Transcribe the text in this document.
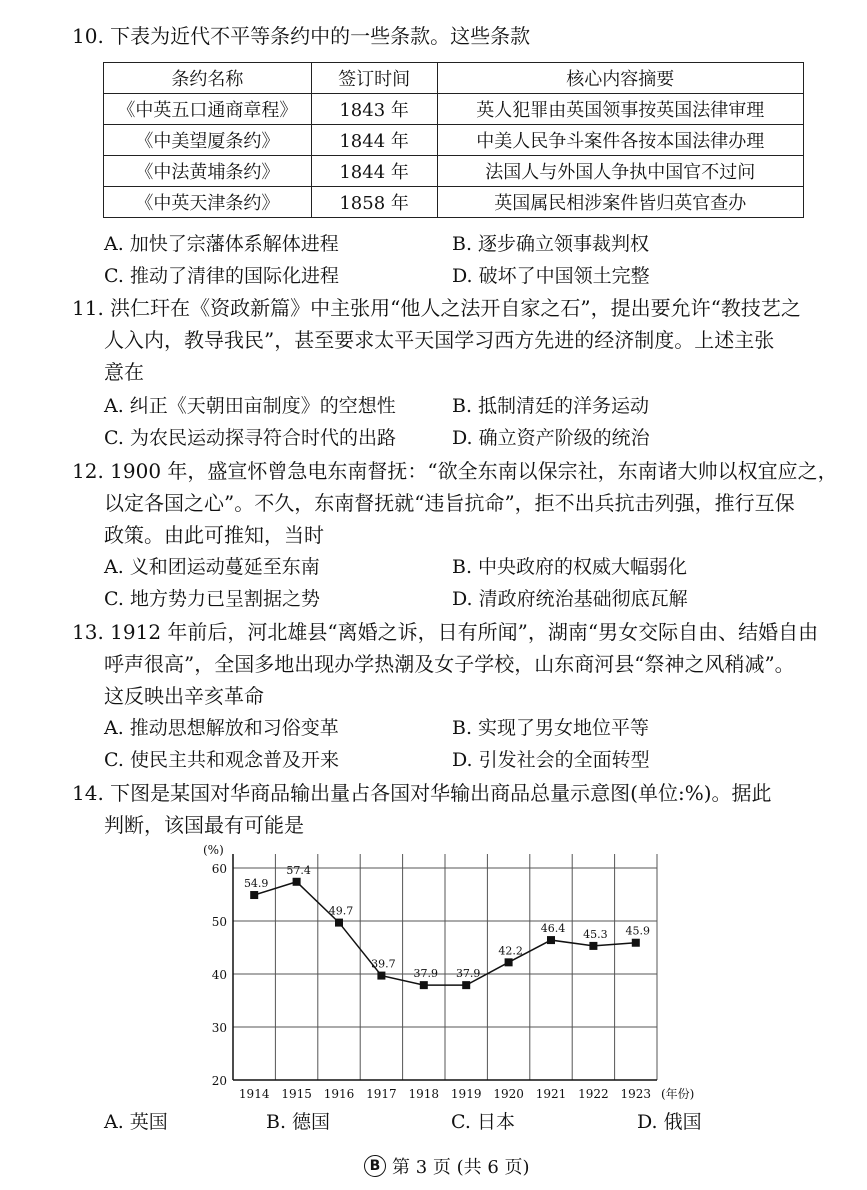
10. 下表为近代不平等条约中的一些条款。这些条款
条约名称	签订时间	核心内容摘要
《中英五口通商章程》	1843 年	英人犯罪由英国领事按英国法律审理
《中美望厦条约》	1844 年	中美人民争斗案件各按本国法律办理
《中法黄埔条约》	1844 年	法国人与外国人争执中国官不过问
《中英天津条约》	1858 年	英国属民相涉案件皆归英官查办
A. 加快了宗藩体系解体进程	B. 逐步确立领事裁判权
C. 推动了清律的国际化进程	D. 破坏了中国领土完整
11. 洪仁玕在《资政新篇》中主张用“他人之法开自家之石”，提出要允许“教技艺之
人入内，教导我民”，甚至要求太平天国学习西方先进的经济制度。上述主张
意在
A. 纠正《天朝田亩制度》的空想性	B. 抵制清廷的洋务运动
C. 为农民运动探寻符合时代的出路	D. 确立资产阶级的统治
12. 1900 年，盛宣怀曾急电东南督抚：“欲全东南以保宗社，东南诸大帅以权宜应之，
以定各国之心”。不久，东南督抚就“违旨抗命”，拒不出兵抗击列强，推行互保
政策。由此可推知，当时
A. 义和团运动蔓延至东南	B. 中央政府的权威大幅弱化
C. 地方势力已呈割据之势	D. 清政府统治基础彻底瓦解
13. 1912 年前后，河北雄县“离婚之诉，日有所闻”，湖南“男女交际自由、结婚自由
呼声很高”，全国多地出现办学热潮及女子学校，山东商河县“祭神之风稍减”。
这反映出辛亥革命
A. 推动思想解放和习俗变革	B. 实现了男女地位平等
C. 使民主共和观念普及开来	D. 引发社会的全面转型
14. 下图是某国对华商品输出量占各国对华输出商品总量示意图(单位:%)。据此
判断，该国最有可能是
20
30
40
50
60
(%)
1914 1915 1916 1917 1918 1919 1920 1921 1922 1923 (年份)
54.9
57.4
49.7
39.7
37.9 37.9
42.2
46.4 45.3 45.9
A. 英国	B. 德国	C. 日本	D. 俄国
B 第 3 页 (共 6 页)
